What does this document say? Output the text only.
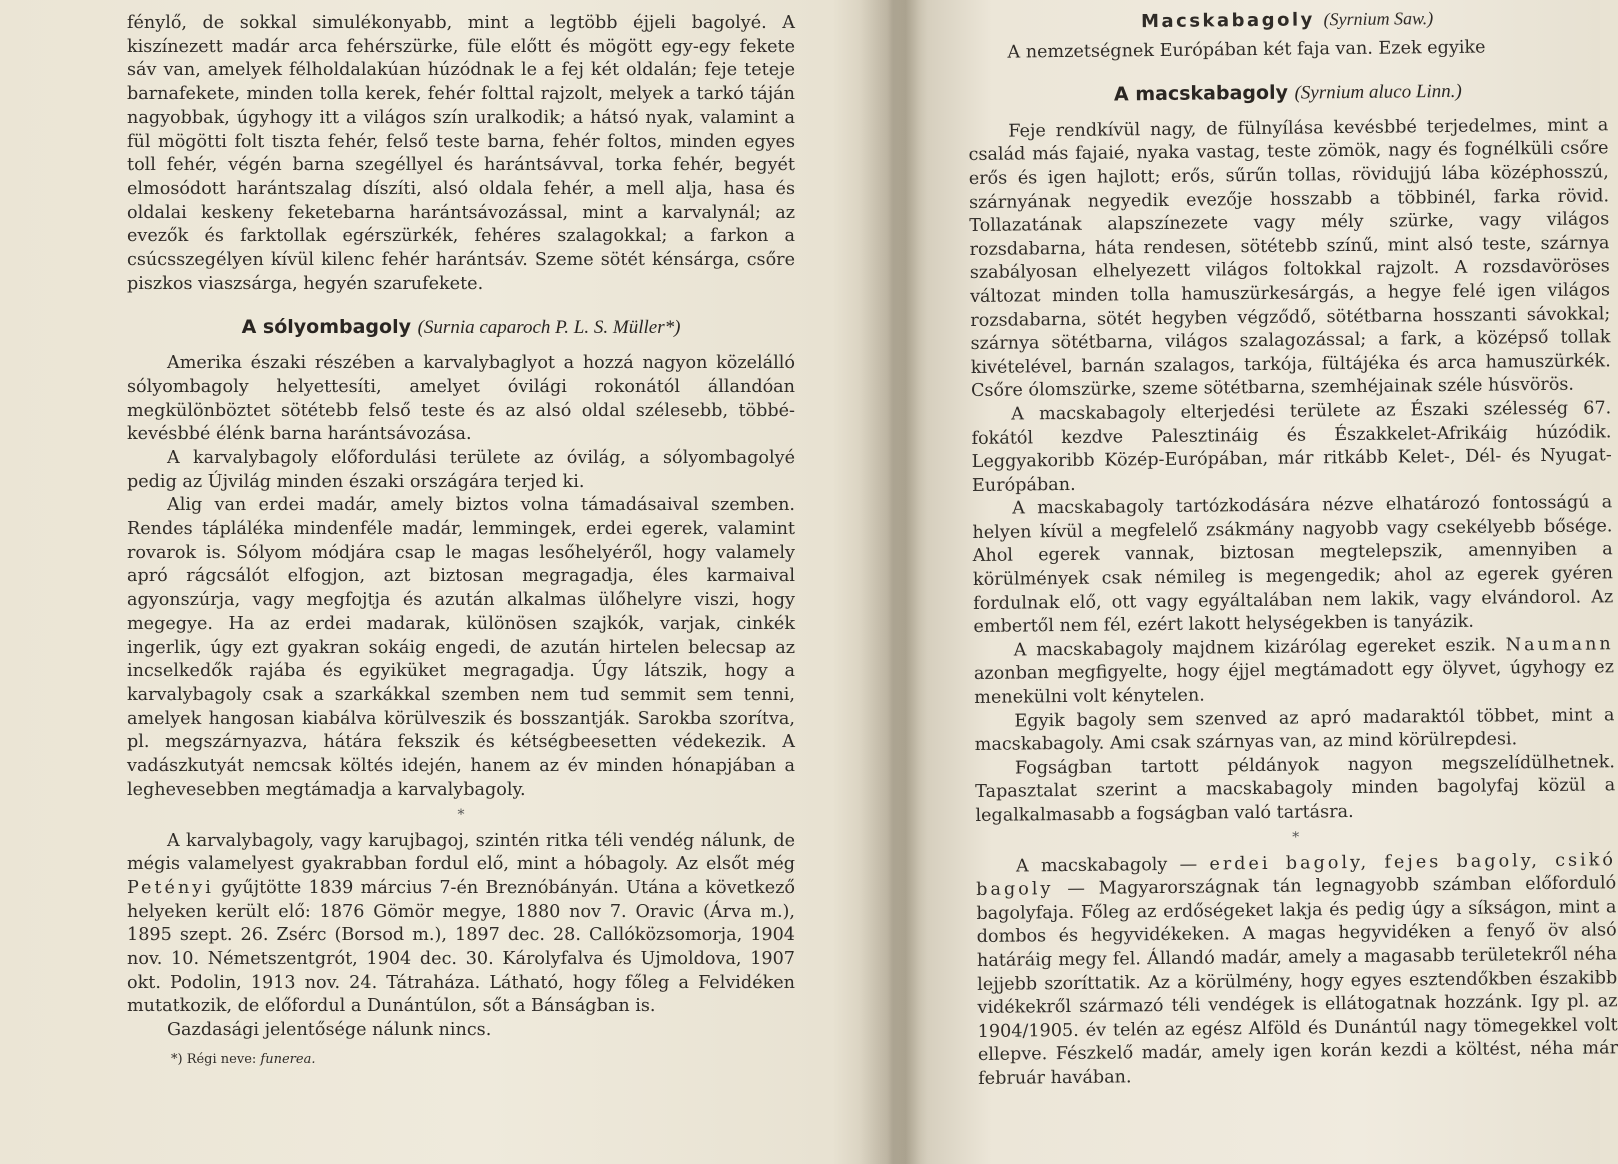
fénylő, de sokkal simulékonyabb, mint a legtöbb éjjeli bagolyé. A kiszínezett madár arca fehérszürke, füle előtt és mögött egy-egy fekete sáv van, amelyek félholdalakúan húzódnak le a fej két oldalán; feje teteje barnafekete, minden tolla kerek, fehér folttal rajzolt, melyek a tarkó táján nagyobbak, úgyhogy itt a világos szín uralkodik; a hátsó nyak, valamint a fül mögötti folt tiszta fehér, felső teste barna, fehér foltos, minden egyes toll fehér, végén barna szegéllyel és harántsávval, torka fehér, begyét elmosódott harántszalag díszíti, alsó oldala fehér, a mell alja, hasa és oldalai keskeny feketebarna harántsávozással, mint a karvalynál; az evezők és farktollak egérszürkék, fehéres szalagokkal; a farkon a csúcsszegélyen kívül kilenc fehér harántsáv. Szeme sötét kénsárga, csőre piszkos viaszsárga, hegyén szarufekete.

A sólyombagoly (Surnia caparoch P. L. S. Müller*)

Amerika északi részében a karvalybaglyot a hozzá nagyon közelálló sólyombagoly helyettesíti, amelyet óvilági rokonától állandóan megkülönböztet sötétebb felső teste és az alsó oldal szélesebb, többé-kevésbbé élénk barna harántsávozása.

A karvalybagoly előfordulási területe az óvilág, a sólyombagolyé pedig az Újvilág minden északi országára terjed ki.

Alig van erdei madár, amely biztos volna támadásaival szemben. Rendes tápláléka mindenféle madár, lemmingek, erdei egerek, valamint rovarok is. Sólyom módjára csap le magas lesőhelyéről, hogy valamely apró rágcsálót elfogjon, azt biztosan megragadja, éles karmaival agyonszúrja, vagy megfojtja és azután alkalmas ülőhelyre viszi, hogy megegye. Ha az erdei madarak, különösen szajkók, varjak, cinkék ingerlik, úgy ezt gyakran sokáig engedi, de azután hirtelen belecsap az incselkedők rajába és egyiküket megragadja. Úgy látszik, hogy a karvalybagoly csak a szarkákkal szemben nem tud semmit sem tenni, amelyek hangosan kiabálva körülveszik és bosszantják. Sarokba szorítva, pl. megszárnyazva, hátára fekszik és kétségbeesetten védekezik. A vadászkutyát nemcsak költés idején, hanem az év minden hónapjában a leghevesebben megtámadja a karvalybagoly.

*

A karvalybagoly, vagy karujbagoj, szintén ritka téli vendég nálunk, de mégis valamelyest gyakrabban fordul elő, mint a hóbagoly. Az elsőt még Petényi gyűjtötte 1839 március 7-én Breznóbányán. Utána a következő helyeken került elő: 1876 Gömör megye, 1880 nov 7. Oravic (Árva m.), 1895 szept. 26. Zsérc (Borsod m.), 1897 dec. 28. Callóközsomorja, 1904 nov. 10. Németszentgrót, 1904 dec. 30. Károlyfalva és Ujmoldova, 1907 okt. Podolin, 1913 nov. 24. Tátraháza. Látható, hogy főleg a Felvidéken mutatkozik, de előfordul a Dunántúlon, sőt a Bánságban is.

Gazdasági jelentősége nálunk nincs.

*) Régi neve: funerea.
Macskabagoly (Syrnium Saw.)

A nemzetségnek Európában két faja van. Ezek egyike

A macskabagoly (Syrnium aluco Linn.)

Feje rendkívül nagy, de fülnyílása kevésbbé terjedelmes, mint a család más fajaié, nyaka vastag, teste zömök, nagy és fognélküli csőre erős és igen hajlott; erős, sűrűn tollas, rövidujjú lába középhosszú, szárnyának negyedik evezője hosszabb a többinél, farka rövid. Tollazatának alapszínezete vagy mély szürke, vagy világos rozsdabarna, háta rendesen, sötétebb színű, mint alsó teste, szárnya szabályosan elhelyezett világos foltokkal rajzolt. A rozsdavöröses változat minden tolla hamuszürkesárgás, a hegye felé igen világos rozsdabarna, sötét hegyben végződő, sötétbarna hosszanti sávokkal; szárnya sötétbarna, világos szalagozással; a fark, a középső tollak kivételével, barnán szalagos, tarkója, fültájéka és arca hamuszürkék. Csőre ólomszürke, szeme sötétbarna, szemhéjainak széle húsvörös.

A macskabagoly elterjedési területe az Északi szélesség 67. fokától kezdve Palesztináig és Északkelet-Afrikáig húzódik. Leggyakoribb Közép-Európában, már ritkább Kelet-, Dél- és Nyugat-Európában.

A macskabagoly tartózkodására nézve elhatározó fontosságú a helyen kívül a megfelelő zsákmány nagyobb vagy csekélyebb bősége. Ahol egerek vannak, biztosan megtelepszik, amennyiben a körülmények csak némileg is megengedik; ahol az egerek gyéren fordulnak elő, ott vagy egyáltalában nem lakik, vagy elvándorol. Az embertől nem fél, ezért lakott helységekben is tanyázik.

A macskabagoly majdnem kizárólag egereket eszik. Naumann azonban megfigyelte, hogy éjjel megtámadott egy ölyvet, úgyhogy ez menekülni volt kénytelen.

Egyik bagoly sem szenved az apró madaraktól többet, mint a macskabagoly. Ami csak szárnyas van, az mind körülrepdesi.

Fogságban tartott példányok nagyon megszelídülhetnek. Tapasztalat szerint a macskabagoly minden bagolyfaj közül a legalkalmasabb a fogságban való tartásra.

*

A macskabagoly — erdei bagoly, fejes bagoly, csikó bagoly — Magyarországnak tán legnagyobb számban előforduló bagolyfaja. Főleg az erdőségeket lakja és pedig úgy a síkságon, mint a dombos és hegyvidékeken. A magas hegyvidéken a fenyő öv alsó határáig megy fel. Állandó madár, amely a magasabb területekről néha lejjebb szoríttatik. Az a körülmény, hogy egyes esztendőkben északibb vidékekről származó téli vendégek is ellátogatnak hozzánk. Igy pl. az 1904/1905. év telén az egész Alföld és Dunántúl nagy tömegekkel volt ellepve. Fészkelő madár, amely igen korán kezdi a költést, néha már február havában.
